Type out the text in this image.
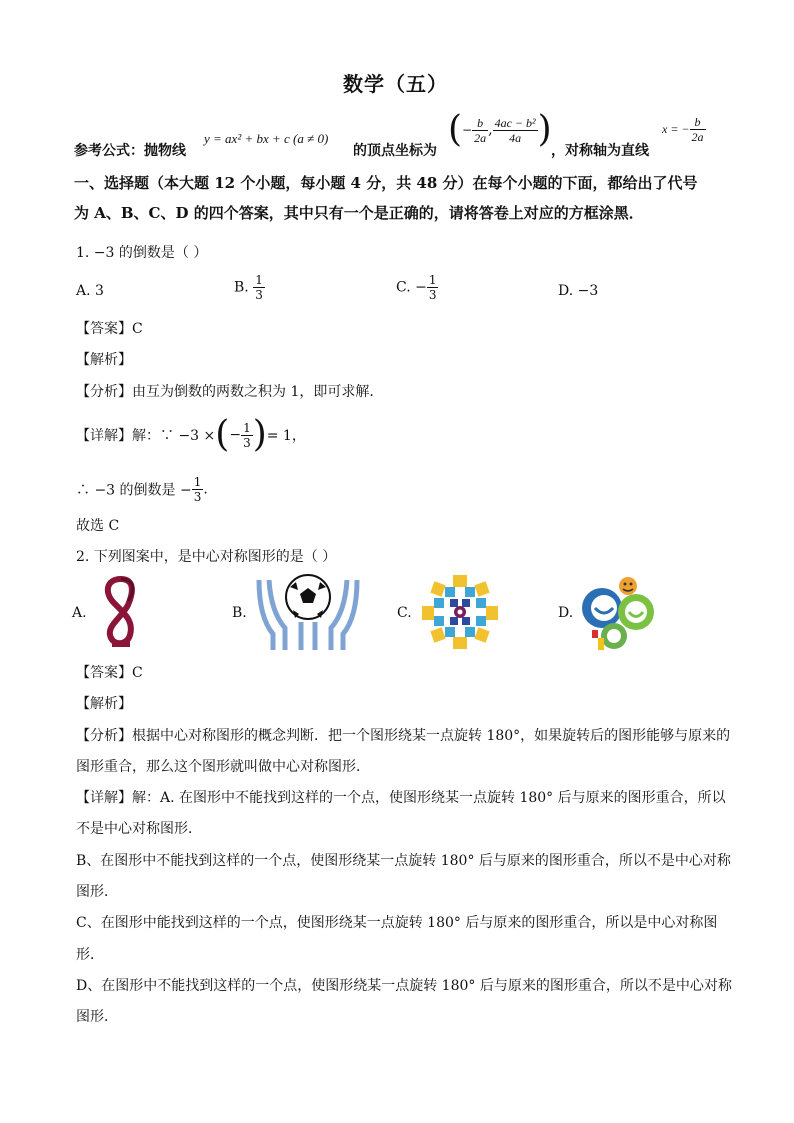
数学（五）
参考公式：抛物线
y = ax² + bx + c (a ≠ 0)
的顶点坐标为
(− $\frac{b}{2a}$ , $\frac{\text{4ac − b²}}{4a}$ )
，对称轴为直线
x = − $\frac{b}{2a}$
一、选择题（本大题 12 个小题，每小题 4 分，共 48 分）在每个小题的下面，都给出了代号
为 A、B、C、D 的四个答案，其中只有一个是正确的，请将答卷上对应的方框涂黑．
1. −3 的倒数是（ ）
A. 3	B. $\frac{1}{3}$	C. − $\frac{1}{3}$	D. −3
【答案】C
【解析】
【分析】由互为倒数的两数之积为 1，即可求解．
【详解】解：∵ −3 ×(− $\frac{1}{3}$ )= 1，
∴ −3 的倒数是 − $\frac{1}{3}$ .
故选 C
2. 下列图案中，是中心对称图形的是（ ）
A.	B.	C.	D.
【答案】C
【解析】
【分析】根据中心对称图形的概念判断．把一个图形绕某一点旋转 180°，如果旋转后的图形能够与原来的
图形重合，那么这个图形就叫做中心对称图形．
【详解】解：A. 在图形中不能找到这样的一个点，使图形绕某一点旋转 180° 后与原来的图形重合，所以
不是中心对称图形．
B、在图形中不能找到这样的一个点，使图形绕某一点旋转 180° 后与原来的图形重合，所以不是中心对称
图形．
C、在图形中能找到这样的一个点，使图形绕某一点旋转 180° 后与原来的图形重合，所以是中心对称图
形．
D、在图形中不能找到这样的一个点，使图形绕某一点旋转 180° 后与原来的图形重合，所以不是中心对称
图形．
